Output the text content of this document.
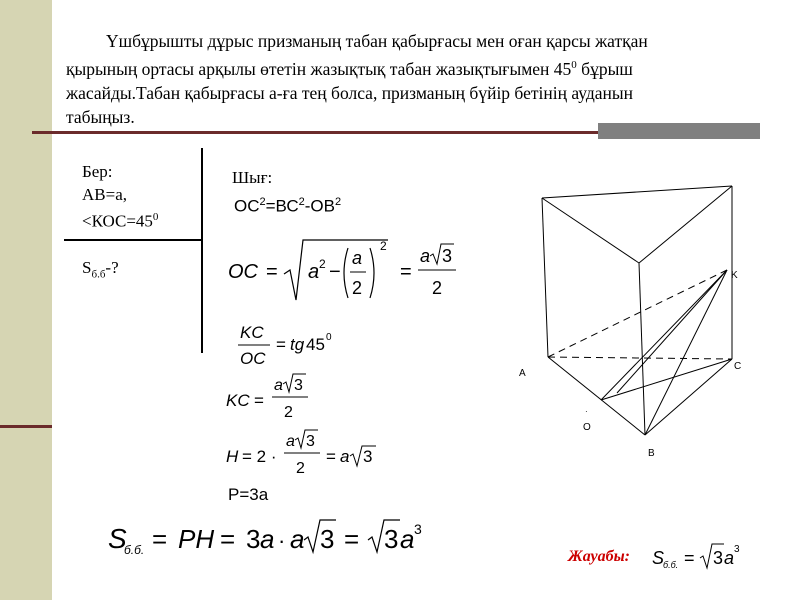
Үшбұрышты дұрыс призманың табан қабырғасы мен оған қарсы жатқан
қырының ортасы арқылы өтетін жазықтық табан жазықтығымен $45^0$ бұрыш
жасайды.Табан қабырғасы а-ға тең болса, призманың бүйір бетінің ауданын
табыңыз.
Бер:
АВ=а,
$<КОС=45^0$
$S_{б.б}-$?
Шығ:
$ОС^2=ВС^2-ОВ^2$
OC = a 2 −
a
2
2
=
a 3
2
KC
OC
= tg 45 0
KC =
a 3
2
H = 2 ·
a 3
2
= a 3
Р=3а
S
б.б. = PH = 3 a · a 3 = 3 a 3
Жауабы: S
б.б. = 3 a 3
A
O
B
C
K
·
